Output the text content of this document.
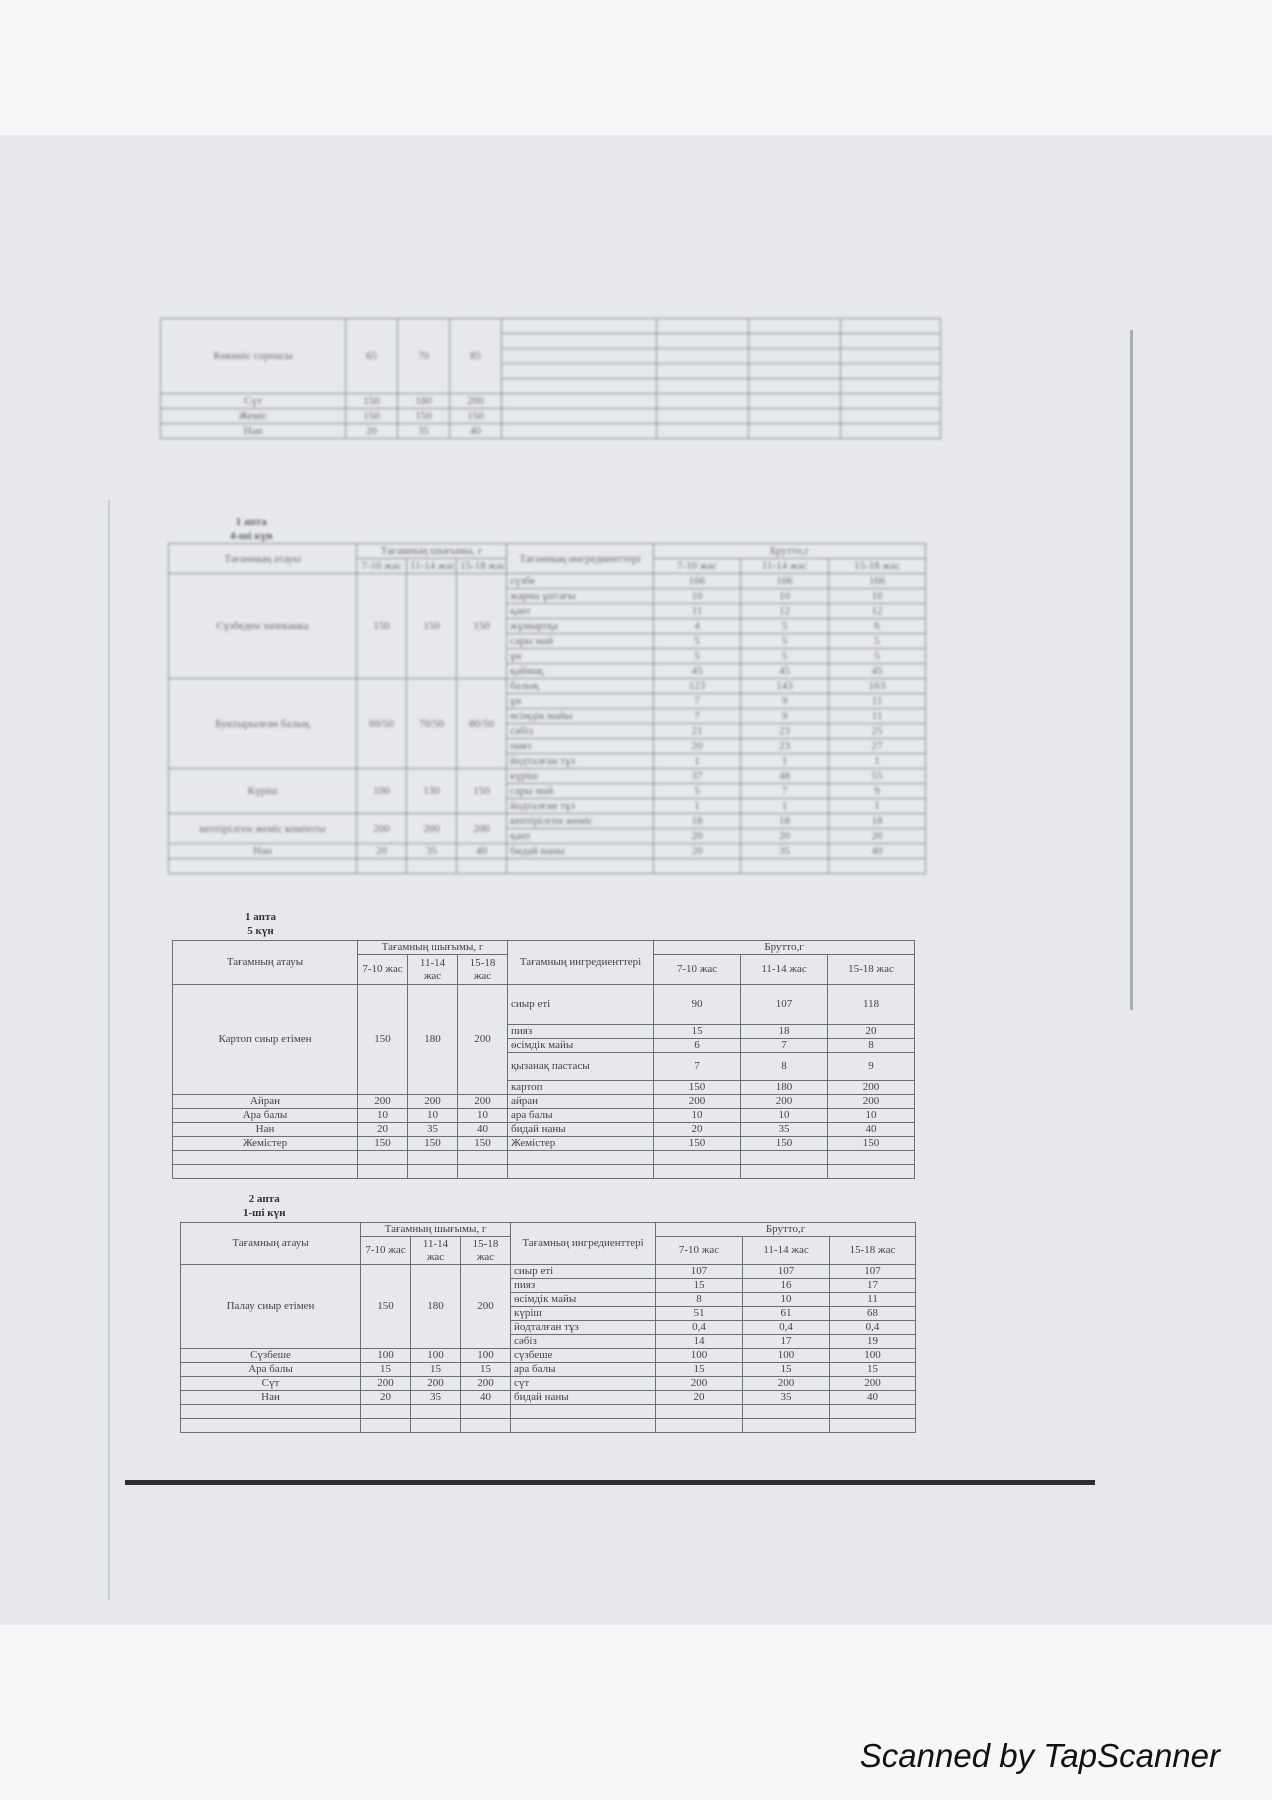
Көкөніс сорпасы	65	70	85				

Сүт	150	180	200				
Жеміс	150	150	150				
Нан	20	35	40				
1 апта
4-ші күн
Тағамның атауы	Тағамның шығымы, г			Тағамның ингредиенттері	Брутто,г		
	7-10 жас	11-14 жас	15-18 жас		7-10 жас	11-14 жас	15-18 жас
Сүзбеден запеканка	150	150	150	сүзбе	166	166	166
				жарма ұнтағы	10	10	10
				қант	11	12	12
				жұмыртқа	4	5	6
				сары май	5	5	5
				ұн	5	5	5
				қаймақ	45	45	45
Буктырылған балық	60/50	70/50	80/50	балық	123	143	163
				ұн	7	9	11
				өсімдік майы	7	9	11
				сәбіз	21	23	25
				пияз	20	23	27
				йодталған тұз	1	1	1
Күріш	100	130	150	күріш	37	48	55
				сары май	5	7	9
				йодталған тұз	1	1	1
кептірілген жеміс компоты	200	200	200	кептірілген жеміс	18	18	18
				қант	20	20	20
Нан	20	35	40	бидай наны	20	35	40

1 апта
5 күн
Тағамның атауы	Тағамның шығымы, г			Тағамның ингредиенттері	Брутто,г		
	7-10 жас	11-14 жас	15-18 жас		7-10 жас	11-14 жас	15-18 жас
Картоп сиыр етімен	150	180	200	сиыр еті	90	107	118
				пияз	15	18	20
				өсімдік майы	6	7	8
				қызанақ пастасы	7	8	9
				картоп	150	180	200
Айран	200	200	200	айран	200	200	200
Ара балы	10	10	10	ара балы	10	10	10
Нан	20	35	40	бидай наны	20	35	40
Жемістер	150	150	150	Жемістер	150	150	150

2 апта
1-ші күн
Тағамның атауы	Тағамның шығымы, г			Тағамның ингредиенттері	Брутто,г		
	7-10 жас	11-14 жас	15-18 жас		7-10 жас	11-14 жас	15-18 жас
Палау сиыр етімен	150	180	200	сиыр еті	107	107	107
				пияз	15	16	17
				өсімдік майы	8	10	11
				күріш	51	61	68
				йодталған тұз	0,4	0,4	0,4
				сәбіз	14	17	19
Сүзбеше	100	100	100	сүзбеше	100	100	100
Ара балы	15	15	15	ара балы	15	15	15
Сүт	200	200	200	сүт	200	200	200
Нан	20	35	40	бидай наны	20	35	40

Scanned by TapScanner
